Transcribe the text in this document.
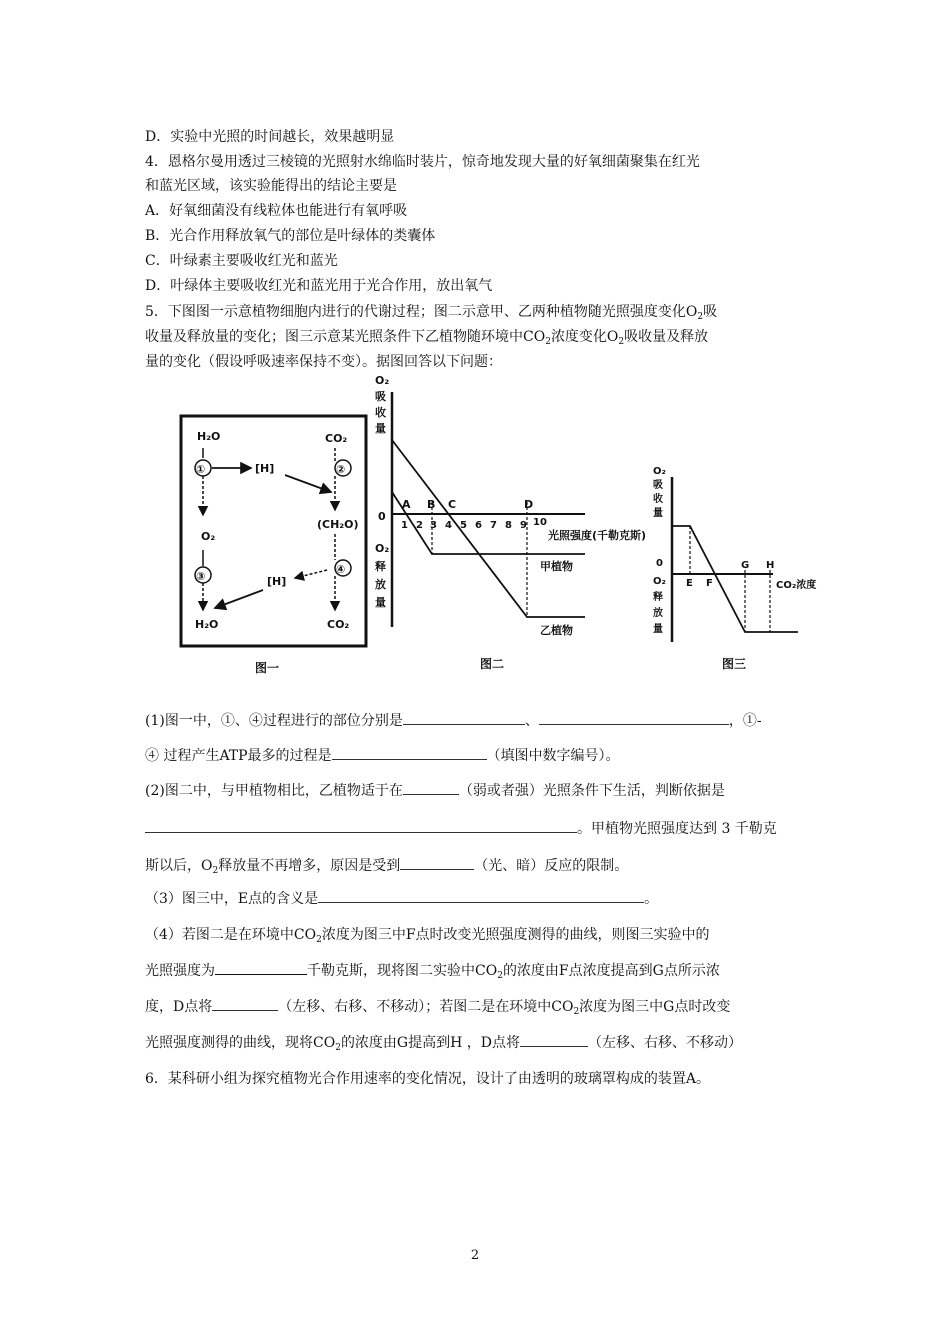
D．实验中光照的时间越长，效果越明显
4．恩格尔曼用透过三棱镜的光照射水绵临时装片，惊奇地发现大量的好氧细菌聚集在红光
和蓝光区域，该实验能得出的结论主要是
A．好氧细菌没有线粒体也能进行有氧呼吸
B．光合作用释放氧气的部位是叶绿体的类囊体
C．叶绿素主要吸收红光和蓝光
D．叶绿体主要吸收红光和蓝光用于光合作用，放出氧气
5．下图图一示意植物细胞内进行的代谢过程；图二示意甲、乙两种植物随光照强度变化$O_2$吸
收量及释放量的变化；图三示意某光照条件下乙植物随环境中$CO_2$浓度变化$O_2$吸收量及释放
量的变化（假设呼吸速率保持不变）。据图回答以下问题：
H₂O	CO₂
①	[H]	②
(CH₂O)
O₂
③
④
[H]
H₂O	CO₂
图一
O₂
吸
收
量
0
O₂
释
放
量
1 2 3 4 5 6 7 8 9 10
A B C	D
光照强度(千勒克斯)
甲植物
乙植物
图二
O₂
吸
收
量
0
O₂
释
放
量
E F
G H
CO₂浓度
图三
(1)图一中，①、④过程进行的部位分别是	、	，①-
④ 过程产生ATP最多的过程是	（填图中数字编号）。
(2)图二中，与甲植物相比，乙植物适于在	（弱或者强）光照条件下生活，判断依据是
。甲植物光照强度达到 3 千勒克
斯以后，$O_2$释放量不再增多，原因是受到	（光、暗）反应的限制。
（3）图三中，E点的含义是	。
（4）若图二是在环境中$CO_2$浓度为图三中F点时改变光照强度测得的曲线，则图三实验中的
光照强度为	千勒克斯，现将图二实验中$CO_2$的浓度由F点浓度提高到G点所示浓
度，D点将	（左移、右移、不移动）；若图二是在环境中$CO_2$浓度为图三中G点时改变
光照强度测得的曲线，现将$CO_2$的浓度由G提高到H ，D点将	（左移、右移、不移动）
6．某科研小组为探究植物光合作用速率的变化情况，设计了由透明的玻璃罩构成的装置A。
2
